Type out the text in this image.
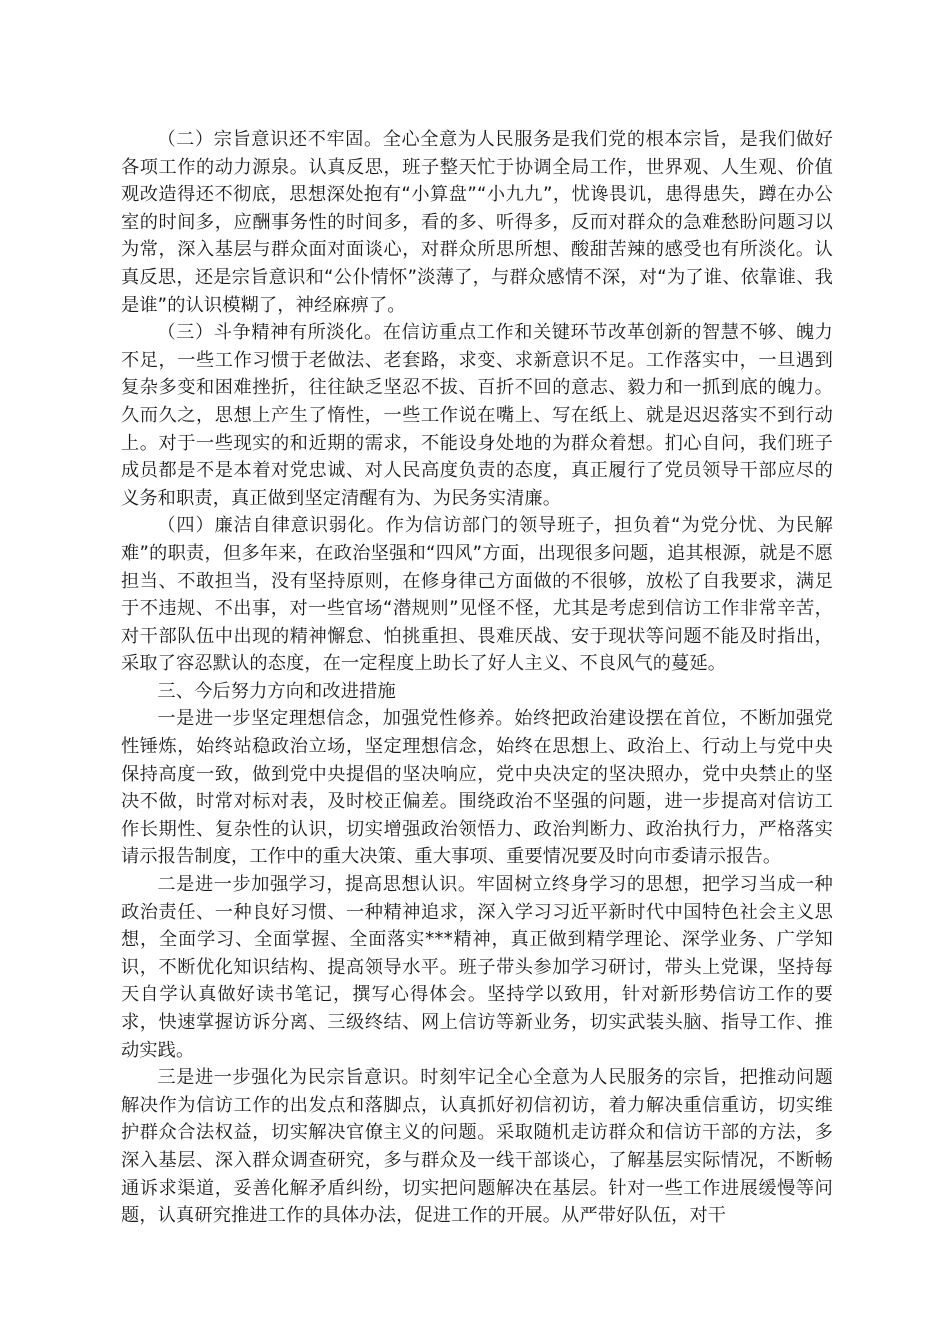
（二）宗旨意识还不牢固。全心全意为人民服务是我们党的根本宗旨，是我们做好各项工作的动力源泉。认真反思，班子整天忙于协调全局工作，世界观、人生观、价值观改造得还不彻底，思想深处抱有“小算盘”“小九九”，忧谗畏讥，患得患失，蹲在办公室的时间多，应酬事务性的时间多，看的多、听得多，反而对群众的急难愁盼问题习以为常，深入基层与群众面对面谈心，对群众所思所想、酸甜苦辣的感受也有所淡化。认真反思，还是宗旨意识和“公仆情怀”淡薄了，与群众感情不深，对“为了谁、依靠谁、我是谁”的认识模糊了，神经麻痹了。

（三）斗争精神有所淡化。在信访重点工作和关键环节改革创新的智慧不够、魄力不足，一些工作习惯于老做法、老套路，求变、求新意识不足。工作落实中，一旦遇到复杂多变和困难挫折，往往缺乏坚忍不拔、百折不回的意志、毅力和一抓到底的魄力。久而久之，思想上产生了惰性，一些工作说在嘴上、写在纸上、就是迟迟落实不到行动上。对于一些现实的和近期的需求，不能设身处地的为群众着想。扪心自问，我们班子成员都是不是本着对党忠诚、对人民高度负责的态度，真正履行了党员领导干部应尽的义务和职责，真正做到坚定清醒有为、为民务实清廉。

（四）廉洁自律意识弱化。作为信访部门的领导班子，担负着“为党分忧、为民解难”的职责，但多年来，在政治坚强和“四风”方面，出现很多问题，追其根源，就是不愿担当、不敢担当，没有坚持原则，在修身律己方面做的不很够，放松了自我要求，满足于不违规、不出事，对一些官场“潜规则”见怪不怪，尤其是考虑到信访工作非常辛苦，对干部队伍中出现的精神懈怠、怕挑重担、畏难厌战、安于现状等问题不能及时指出，采取了容忍默认的态度，在一定程度上助长了好人主义、不良风气的蔓延。

三、今后努力方向和改进措施

一是进一步坚定理想信念，加强党性修养。始终把政治建设摆在首位，不断加强党性锤炼，始终站稳政治立场，坚定理想信念，始终在思想上、政治上、行动上与党中央保持高度一致，做到党中央提倡的坚决响应，党中央决定的坚决照办，党中央禁止的坚决不做，时常对标对表，及时校正偏差。围绕政治不坚强的问题，进一步提高对信访工作长期性、复杂性的认识，切实增强政治领悟力、政治判断力、政治执行力，严格落实请示报告制度，工作中的重大决策、重大事项、重要情况要及时向市委请示报告。

二是进一步加强学习，提高思想认识。牢固树立终身学习的思想，把学习当成一种政治责任、一种良好习惯、一种精神追求，深入学习习近平新时代中国特色社会主义思想，全面学习、全面掌握、全面落实***精神，真正做到精学理论、深学业务、广学知识，不断优化知识结构、提高领导水平。班子带头参加学习研讨，带头上党课，坚持每天自学认真做好读书笔记，撰写心得体会。坚持学以致用，针对新形势信访工作的要求，快速掌握访诉分离、三级终结、网上信访等新业务，切实武装头脑、指导工作、推动实践。

三是进一步强化为民宗旨意识。时刻牢记全心全意为人民服务的宗旨，把推动问题解决作为信访工作的出发点和落脚点，认真抓好初信初访，着力解决重信重访，切实维护群众合法权益，切实解决官僚主义的问题。采取随机走访群众和信访干部的方法，多深入基层、深入群众调查研究，多与群众及一线干部谈心，了解基层实际情况，不断畅通诉求渠道，妥善化解矛盾纠纷，切实把问题解决在基层。针对一些工作进展缓慢等问题，认真研究推进工作的具体办法，促进工作的开展。从严带好队伍，对干
